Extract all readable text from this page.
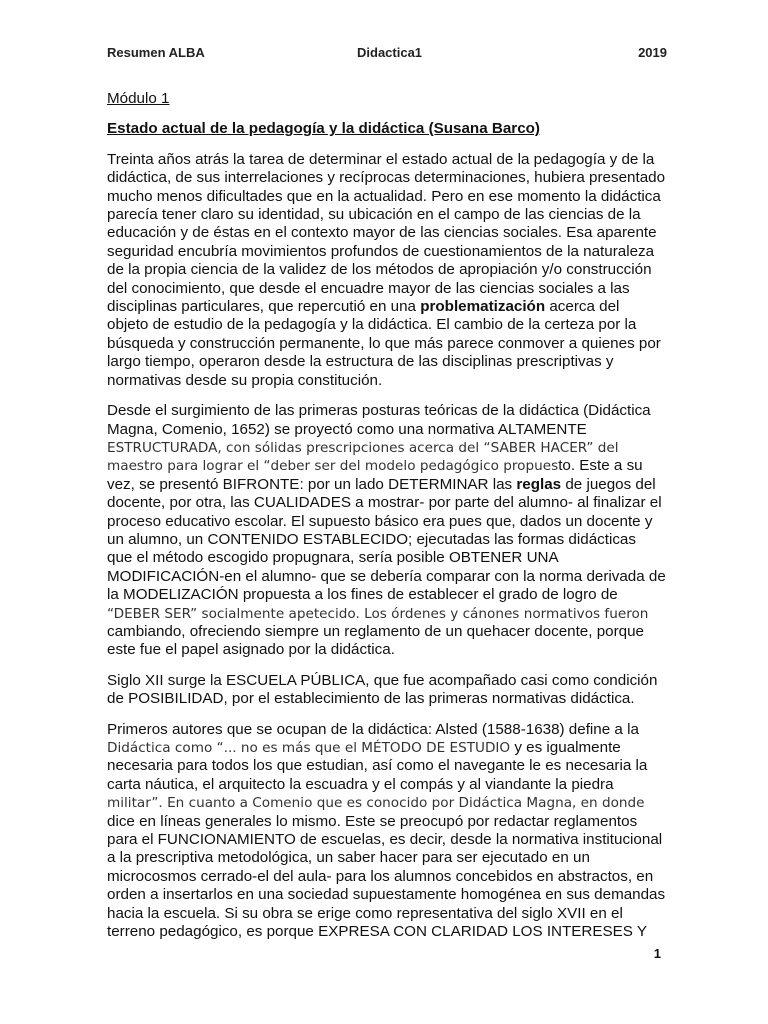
Resumen ALBA	Didactica1	2019
Módulo 1
Estado actual de la pedagogía y la didáctica (Susana Barco)
Treinta años atrás la tarea de determinar el estado actual de la pedagogía y de la
didáctica, de sus interrelaciones y recíprocas determinaciones, hubiera presentado
mucho menos dificultades que en la actualidad. Pero en ese momento la didáctica
parecía tener claro su identidad, su ubicación en el campo de las ciencias de la
educación y de éstas en el contexto mayor de las ciencias sociales. Esa aparente
seguridad encubría movimientos profundos de cuestionamientos de la naturaleza
de la propia ciencia de la validez de los métodos de apropiación y/o construcción
del conocimiento, que desde el encuadre mayor de las ciencias sociales a las
disciplinas particulares, que repercutió en una problematización acerca del
objeto de estudio de la pedagogía y la didáctica. El cambio de la certeza por la
búsqueda y construcción permanente, lo que más parece conmover a quienes por
largo tiempo, operaron desde la estructura de las disciplinas prescriptivas y
normativas desde su propia constitución.
Desde el surgimiento de las primeras posturas teóricas de la didáctica (Didáctica
Magna, Comenio, 1652) se proyectó como una normativa ALTAMENTE
ESTRUCTURADA, con sólidas prescripciones acerca del “SABER HACER” del
maestro para lograr el “deber ser del modelo pedagógico propuesto. Este a su
vez, se presentó BIFRONTE: por un lado DETERMINAR las reglas de juegos del
docente, por otra, las CUALIDADES a mostrar- por parte del alumno- al finalizar el
proceso educativo escolar. El supuesto básico era pues que, dados un docente y
un alumno, un CONTENIDO ESTABLECIDO; ejecutadas las formas didácticas
que el método escogido propugnara, sería posible OBTENER UNA
MODIFICACIÓN-en el alumno- que se debería comparar con la norma derivada de
la MODELIZACIÓN propuesta a los fines de establecer el grado de logro de
“DEBER SER” socialmente apetecido. Los órdenes y cánones normativos fueron
cambiando, ofreciendo siempre un reglamento de un quehacer docente, porque
este fue el papel asignado por la didáctica.
Siglo XII surge la ESCUELA PÚBLICA, que fue acompañado casi como condición
de POSIBILIDAD, por el establecimiento de las primeras normativas didáctica.
Primeros autores que se ocupan de la didáctica: Alsted (1588-1638) define a la
Didáctica como “... no es más que el MÉTODO DE ESTUDIO y es igualmente
necesaria para todos los que estudian, así como el navegante le es necesaria la
carta náutica, el arquitecto la escuadra y el compás y al viandante la piedra
militar”. En cuanto a Comenio que es conocido por Didáctica Magna, en donde
dice en líneas generales lo mismo. Este se preocupó por redactar reglamentos
para el FUNCIONAMIENTO de escuelas, es decir, desde la normativa institucional
a la prescriptiva metodológica, un saber hacer para ser ejecutado en un
microcosmos cerrado-el del aula- para los alumnos concebidos en abstractos, en
orden a insertarlos en una sociedad supuestamente homogénea en sus demandas
hacia la escuela. Si su obra se erige como representativa del siglo XVII en el
terreno pedagógico, es porque EXPRESA CON CLARIDAD LOS INTERESES Y
1
